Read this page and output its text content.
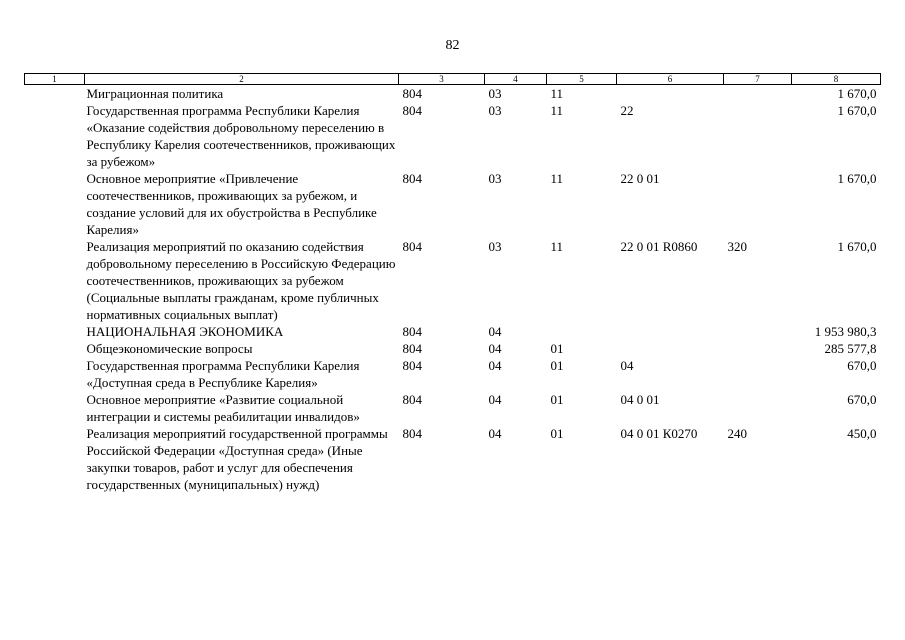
82
1	2	3	4	5	6	7	8
	Миграционная политика	804	03	11			1 670,0
	Государственная программа Республики Карелия «Оказание содействия добровольному переселению в Республику Карелия соотечественников, проживающих за рубежом»	804	03	11	22		1 670,0
	Основное мероприятие «Привлечение соотечественников, проживающих за рубежом, и создание условий для их обустройства в Республике Карелия»	804	03	11	22 0 01		1 670,0
	Реализация мероприятий по оказанию содействия добровольному переселению в Российскую Федерацию соотечественников, проживающих за рубежом (Социальные выплаты гражданам, кроме публичных нормативных социальных выплат)	804	03	11	22 0 01 R0860	320	1 670,0
	НАЦИОНАЛЬНАЯ ЭКОНОМИКА	804	04				1 953 980,3
	Общеэкономические вопросы	804	04	01			285 577,8
	Государственная программа Республики Карелия «Доступная среда в Республике Карелия»	804	04	01	04		670,0
	Основное мероприятие «Развитие социальной интеграции и системы реабилитации инвалидов»	804	04	01	04 0 01		670,0
	Реализация мероприятий государственной программы Российской Федерации «Доступная среда» (Иные закупки товаров, работ и услуг для обеспечения государственных (муниципальных) нужд)	804	04	01	04 0 01 К0270	240	450,0
